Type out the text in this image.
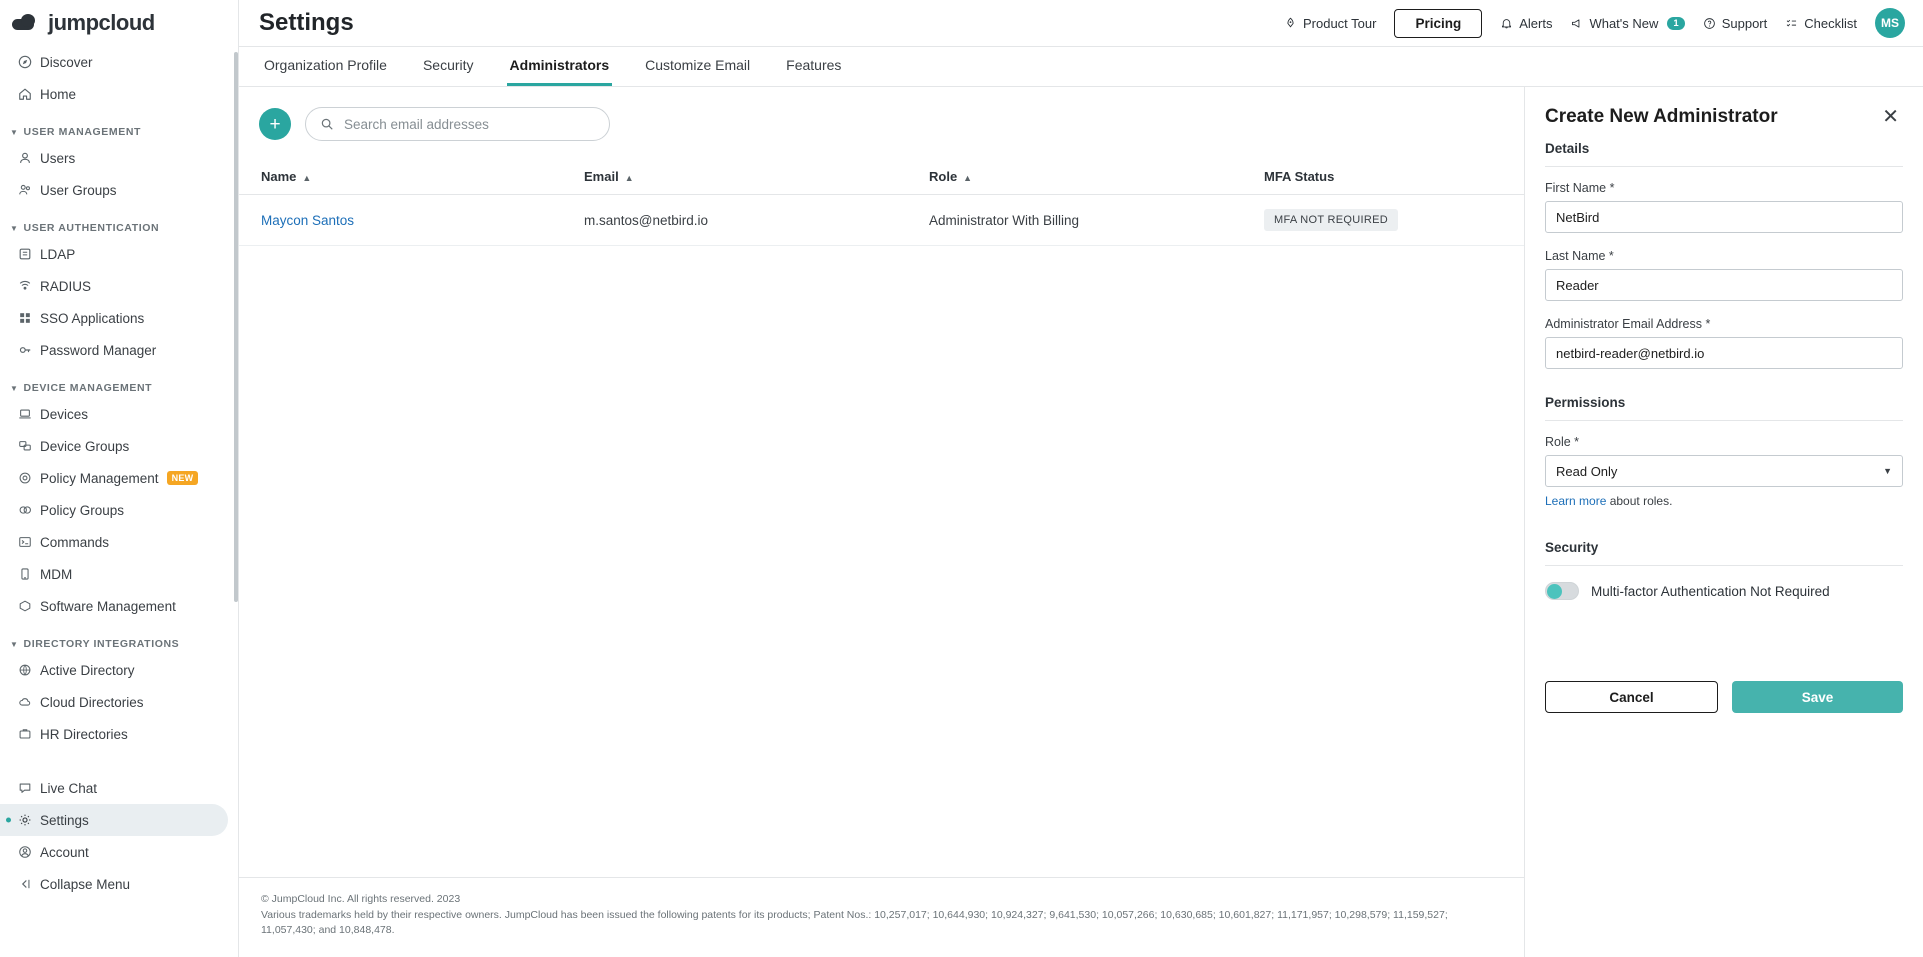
jumpcloud
Discover
Home
▼ USER MANAGEMENT
Users
User Groups
▼ USER AUTHENTICATION
LDAP
RADIUS
SSO Applications
Password Manager
▼ DEVICE MANAGEMENT
Devices
Device Groups
Policy Management	NEW
Policy Groups
Commands
MDM
Software Management
▼ DIRECTORY INTEGRATIONS
Active Directory
Cloud Directories
HR Directories
Live Chat
Settings
Account
Collapse Menu
Settings	Product Tour	Pricing	Alerts	What's New	1	Support	Checklist	MS
Organization Profile	Security	Administrators	Customize Email	Features
+
Search email addresses
Name ▲	Email ▲	Role ▲	MFA Status
Maycon Santos	m.santos@netbird.io	Administrator With Billing	MFA NOT REQUIRED
© JumpCloud Inc. All rights reserved. 2023
Various trademarks held by their respective owners. JumpCloud has been issued the following patents for its products; Patent Nos.: 10,257,017; 10,644,930; 10,924,327; 9,641,530; 10,057,266; 10,630,685; 10,601,827; 11,171,957; 10,298,579; 11,159,527;
11,057,430; and 10,848,478.
Create New Administrator	✕
Details
First Name *
NetBird
Last Name *
Reader
Administrator Email Address *
netbird-reader@netbird.io
Permissions
Role *
Read Only	▼
Learn more about roles.
Security
Multi-factor Authentication Not Required
Cancel	Save
